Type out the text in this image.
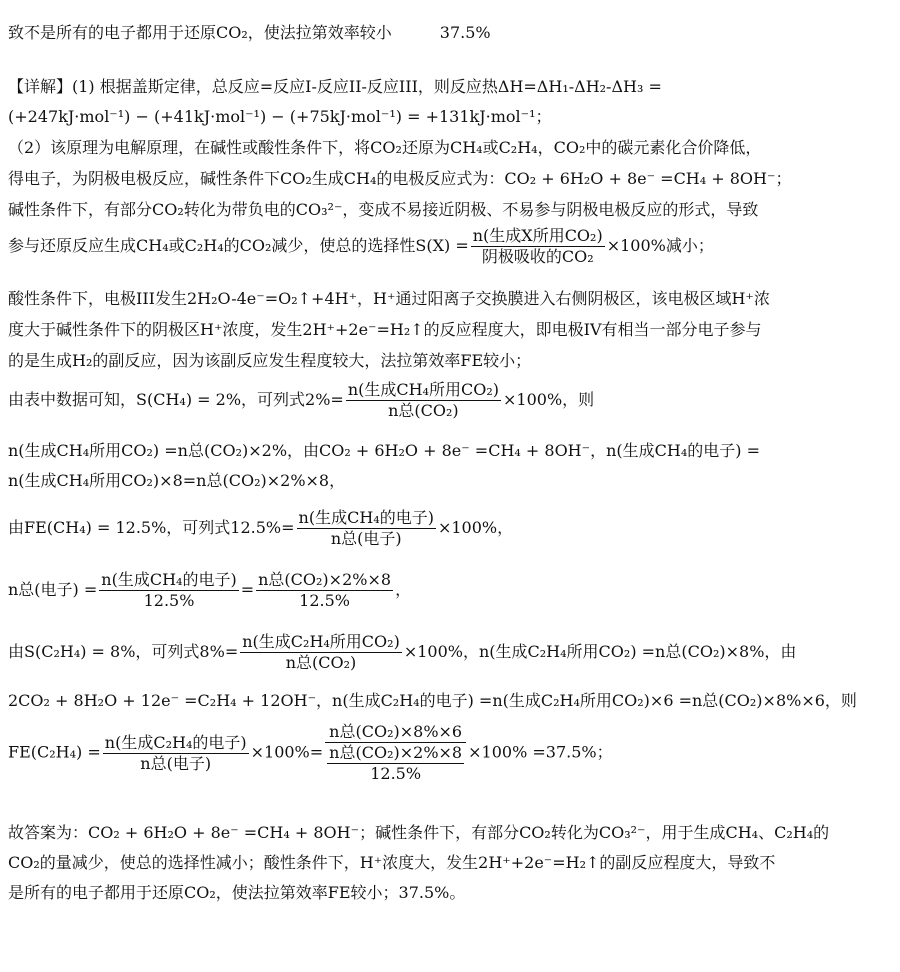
致不是所有的电子都用于还原CO₂，使法拉第效率较小　　　37.5%
【详解】(1) 根据盖斯定律，总反应=反应I-反应II-反应III，则反应热ΔH=ΔH₁-ΔH₂-ΔH₃ =
(+247kJ·mol⁻¹) − (+41kJ·mol⁻¹) − (+75kJ·mol⁻¹) = +131kJ·mol⁻¹；
（2）该原理为电解原理，在碱性或酸性条件下，将CO₂还原为CH₄或C₂H₄，CO₂中的碳元素化合价降低，
得电子，为阴极电极反应，碱性条件下CO₂生成CH₄的电极反应式为：CO₂ + 6H₂O + 8e⁻ =CH₄ + 8OH⁻；
碱性条件下，有部分CO₂转化为带负电的CO₃²⁻，变成不易接近阴极、不易参与阴极电极反应的形式，导致
参与还原反应生成CH₄或C₂H₄的CO₂减少，使总的选择性$S(X) = \frac{\text{n(生成X所用CO₂)}}{\text{阴极吸收的CO₂}} \times 100\%$减小；
酸性条件下，电极III发生2H₂O-4e⁻=O₂↑+4H⁺，H⁺通过阳离子交换膜进入右侧阴极区，该电极区域H⁺浓
度大于碱性条件下的阴极区H⁺浓度，发生2H⁺+2e⁻=H₂↑的反应程度大，即电极IV有相当一部分电子参与
的是生成H₂的副反应，因为该副反应发生程度较大，法拉第效率FE较小；
由表中数据可知，S(CH₄) = 2%，可列式$2\%= \frac{\text{n(生成CH₄所用CO₂)}}{\text{n总(CO₂)}} \times 100\%$，则
n(生成CH₄所用CO₂) =n总(CO₂)×2%，由CO₂ + 6H₂O + 8e⁻ =CH₄ + 8OH⁻，n(生成CH₄的电子) =
n(生成CH₄所用CO₂)×8=n总(CO₂)×2%×8，
由FE(CH₄) = 12.5%，可列式$12.5\%= \frac{\text{n(生成CH₄的电子)}}{\text{n总(电子)}} \times 100\%$，
n总(电子) = $\frac{\text{n(生成CH₄的电子)}}{12.5\%} = \frac{\text{n总(CO₂)×2\%×8}}{12.5\%}$ ，
由S(C₂H₄) = 8%，可列式$8\%= \frac{\text{n(生成C₂H₄所用CO₂)}}{\text{n总(CO₂)}} \times 100\%$，n(生成C₂H₄所用CO₂) =n总(CO₂)×8%，由
2CO₂ + 8H₂O + 12e⁻ =C₂H₄ + 12OH⁻，n(生成C₂H₄的电子) =n(生成C₂H₄所用CO₂)×6 =n总(CO₂)×8%×6，则
$FE(C_2H_4) = \frac{\text{n(生成C₂H₄的电子)}}{\text{n总(电子)}} \times 100\%= \frac{\text{n总(CO₂)×8\%×6}}{\frac{\text{n总(CO₂)×2\%×8}}{12.5\%}} \times 100\% =37.5\%$；
故答案为：CO₂ + 6H₂O + 8e⁻ =CH₄ + 8OH⁻；碱性条件下，有部分CO₂转化为CO₃²⁻，用于生成CH₄、C₂H₄的
CO₂的量减少，使总的选择性减小；酸性条件下，H⁺浓度大，发生2H⁺+2e⁻=H₂↑的副反应程度大，导致不
是所有的电子都用于还原CO₂，使法拉第效率FE较小；37.5%。
